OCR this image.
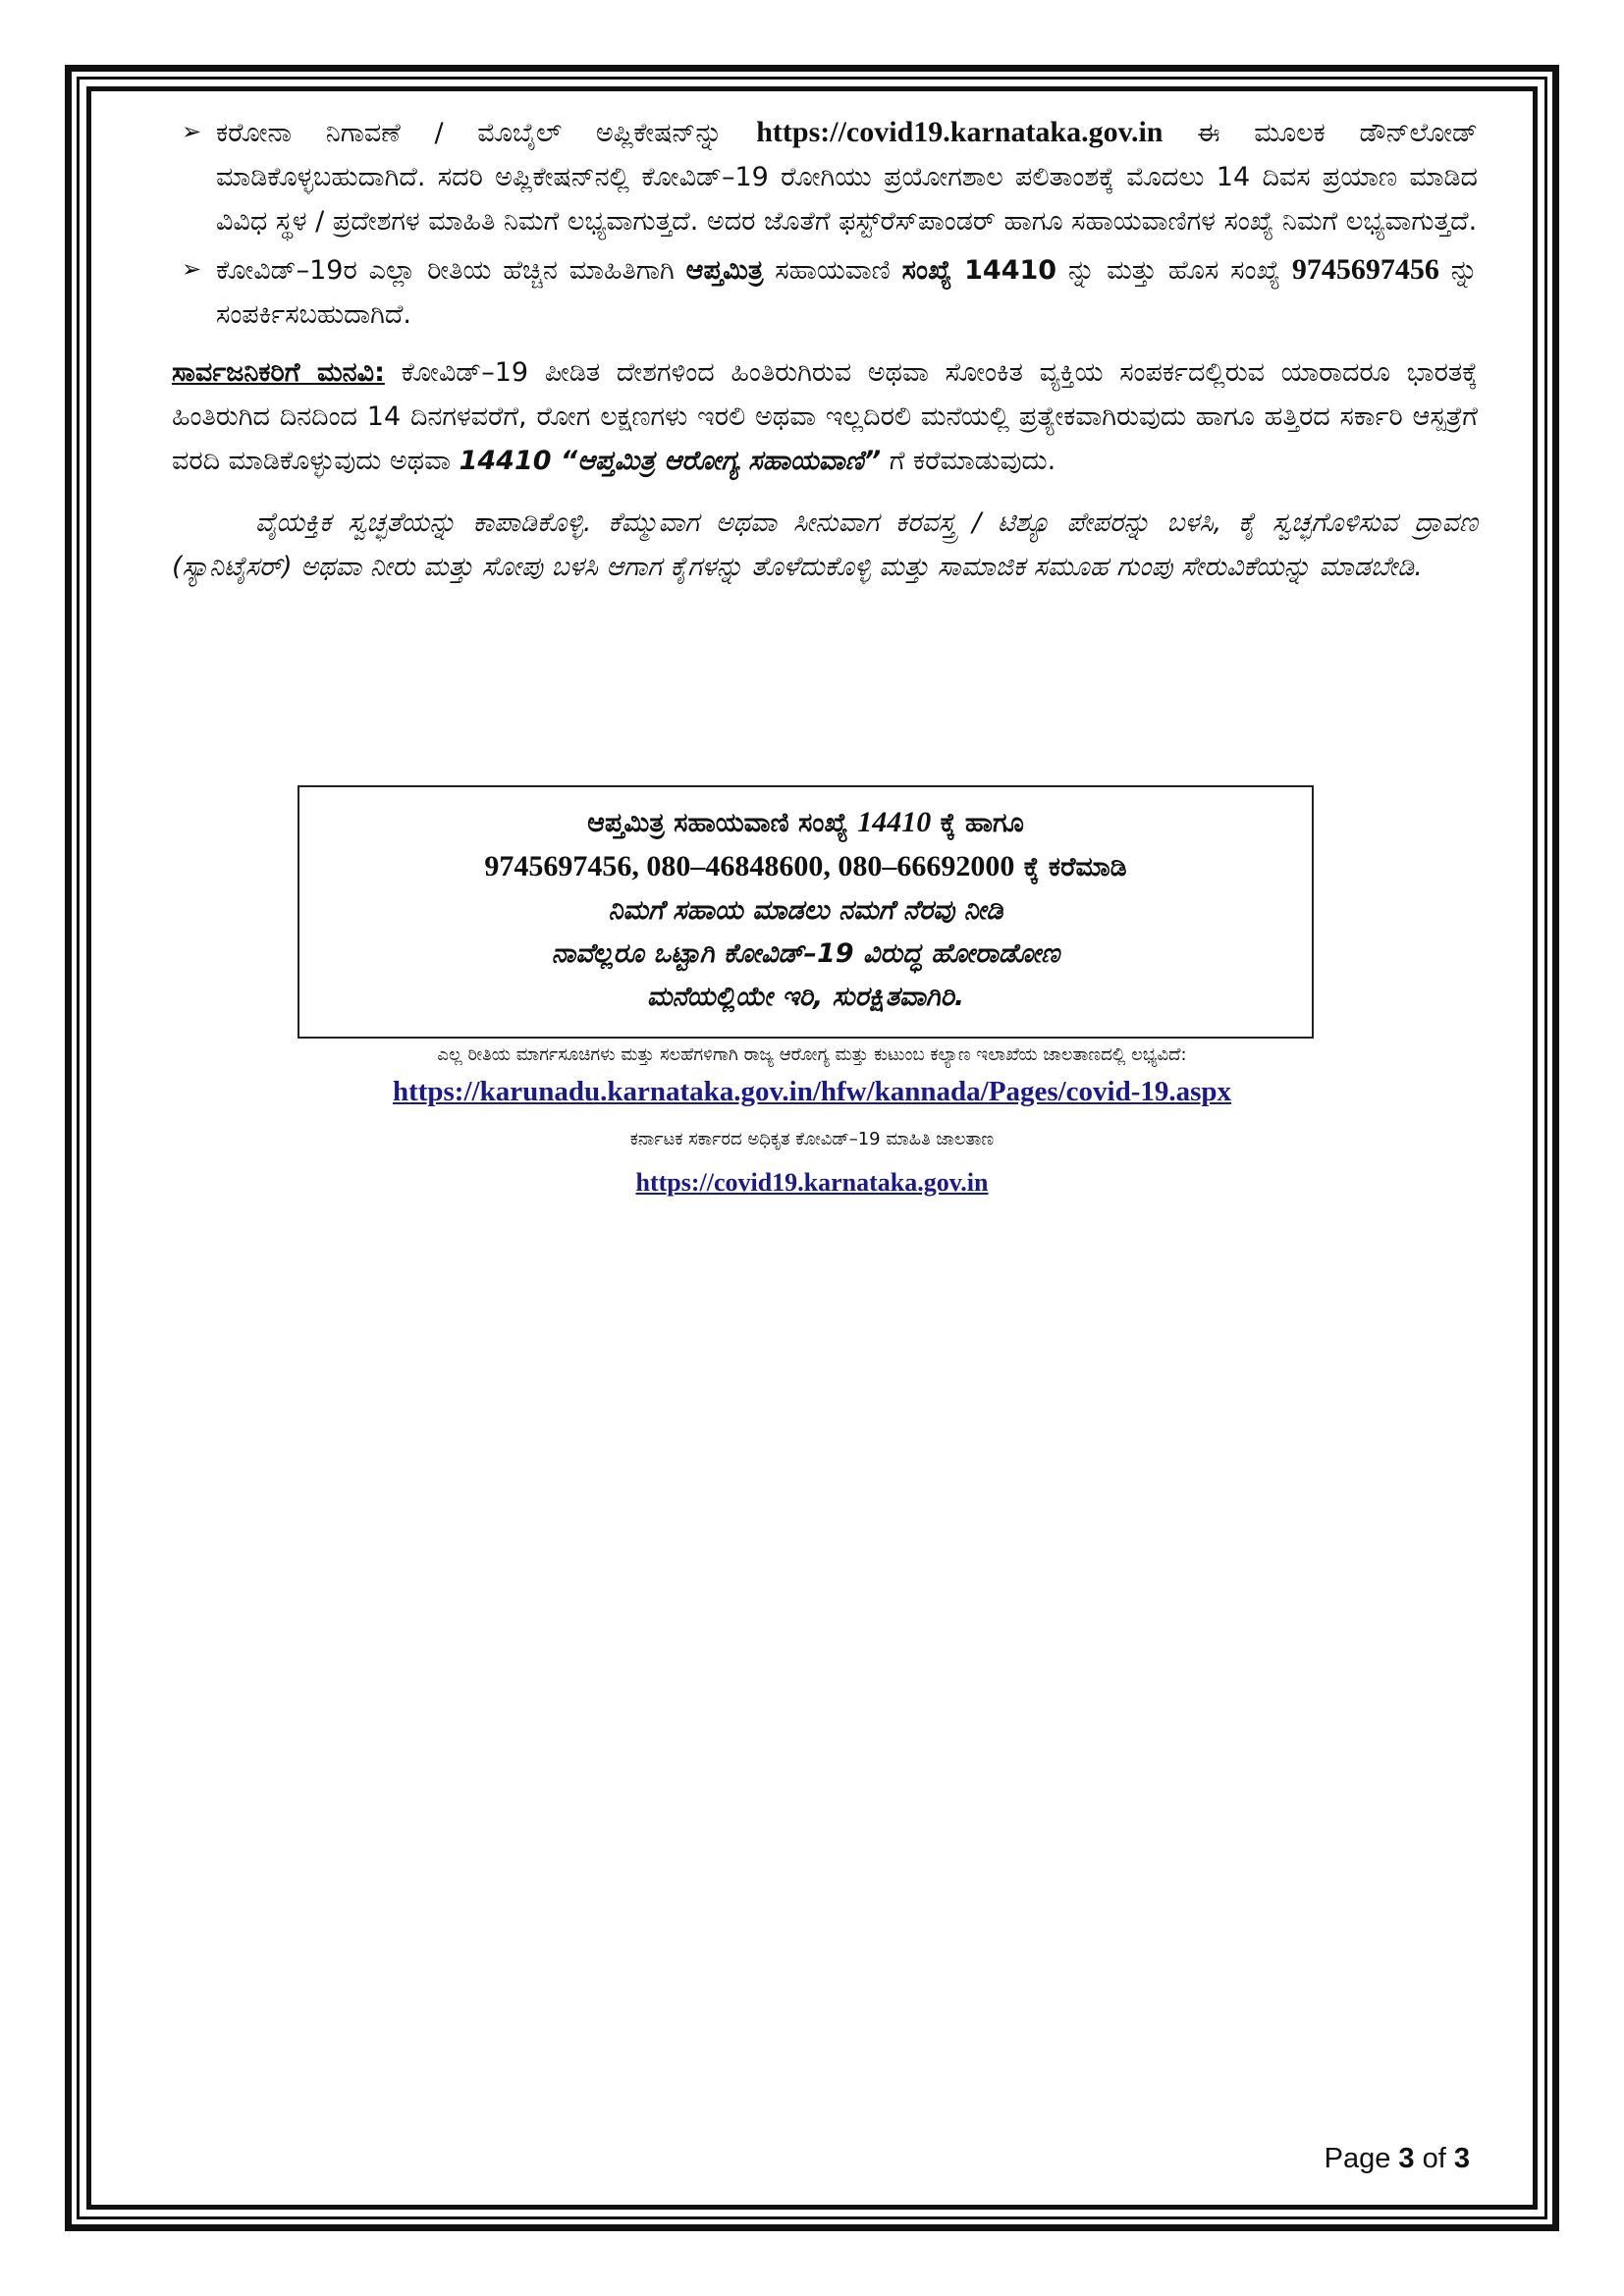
➢ ಕರೋನಾ ನಿಗಾವಣೆ / ಮೊಬೈಲ್ ಅಪ್ಲಿಕೇಷನ್‌ನ್ನು https://covid19.karnataka.gov.in ಈ ಮೂಲಕ ಡೌನ್‌ಲೋಡ್ ಮಾಡಿಕೊಳ್ಳಬಹುದಾಗಿದೆ. ಸದರಿ ಅಪ್ಲಿಕೇಷನ್‌ನಲ್ಲಿ ಕೋವಿಡ್–19 ರೋಗಿಯು ಪ್ರಯೋಗಶಾಲ ಪಲಿತಾಂಶಕ್ಕೆ ಮೊದಲು 14 ದಿವಸ ಪ್ರಯಾಣ ಮಾಡಿದ ವಿವಿಧ ಸ್ಥಳ / ಪ್ರದೇಶಗಳ ಮಾಹಿತಿ ನಿಮಗೆ ಲಭ್ಯವಾಗುತ್ತದೆ. ಅದರ ಜೊತೆಗೆ ಫಸ್ಟ್‌ರೆಸ್‌ಪಾಂಡರ್ ಹಾಗೂ ಸಹಾಯವಾಣಿಗಳ ಸಂಖ್ಯೆ ನಿಮಗೆ ಲಭ್ಯವಾಗುತ್ತದೆ.

➢ ಕೋವಿಡ್–19ರ ಎಲ್ಲಾ ರೀತಿಯ ಹೆಚ್ಚಿನ ಮಾಹಿತಿಗಾಗಿ ಆಪ್ತಮಿತ್ರ ಸಹಾಯವಾಣಿ ಸಂಖ್ಯೆ 14410 ನ್ನು ಮತ್ತು ಹೊಸ ಸಂಖ್ಯೆ 9745697456 ನ್ನು ಸಂಪರ್ಕಿಸಬಹುದಾಗಿದೆ.

ಸಾರ್ವಜನಿಕರಿಗೆ ಮನವಿ: ಕೋವಿಡ್–19 ಪೀಡಿತ ದೇಶಗಳಿಂದ ಹಿಂತಿರುಗಿರುವ ಅಥವಾ ಸೋಂಕಿತ ವ್ಯಕ್ತಿಯ ಸಂಪರ್ಕದಲ್ಲಿರುವ ಯಾರಾದರೂ ಭಾರತಕ್ಕೆ ಹಿಂತಿರುಗಿದ ದಿನದಿಂದ 14 ದಿನಗಳವರೆಗೆ, ರೋಗ ಲಕ್ಷಣಗಳು ಇರಲಿ ಅಥವಾ ಇಲ್ಲದಿರಲಿ ಮನೆಯಲ್ಲಿ ಪ್ರತ್ಯೇಕವಾಗಿರುವುದು ಹಾಗೂ ಹತ್ತಿರದ ಸರ್ಕಾರಿ ಆಸ್ಪತ್ರೆಗೆ ವರದಿ ಮಾಡಿಕೊಳ್ಳುವುದು ಅಥವಾ 14410 “ಆಪ್ತಮಿತ್ರ ಆರೋಗ್ಯ ಸಹಾಯವಾಣಿ” ಗೆ ಕರೆಮಾಡುವುದು.

ವೈಯಕ್ತಿಕ ಸ್ವಚ್ಛತೆಯನ್ನು ಕಾಪಾಡಿಕೊಳ್ಳಿ. ಕೆಮ್ಮುವಾಗ ಅಥವಾ ಸೀನುವಾಗ ಕರವಸ್ತ್ರ / ಟಿಶ್ಯೂ ಪೇಪರನ್ನು ಬಳಸಿ, ಕೈ ಸ್ವಚ್ಛಗೊಳಿಸುವ ದ್ರಾವಣ (ಸ್ಯಾನಿಟೈಸರ್) ಅಥವಾ ನೀರು ಮತ್ತು ಸೋಪು ಬಳಸಿ ಆಗಾಗ ಕೈಗಳನ್ನು ತೊಳೆದುಕೊಳ್ಳಿ ಮತ್ತು ಸಾಮಾಜಿಕ ಸಮೂಹ ಗುಂಪು ಸೇರುವಿಕೆಯನ್ನು ಮಾಡಬೇಡಿ.

ಆಪ್ತಮಿತ್ರ ಸಹಾಯವಾಣಿ ಸಂಖ್ಯೆ 14410 ಕ್ಕೆ ಹಾಗೂ
9745697456, 080–46848600, 080–66692000 ಕ್ಕೆ ಕರೆಮಾಡಿ
ನಿಮಗೆ ಸಹಾಯ ಮಾಡಲು ನಮಗೆ ನೆರವು ನೀಡಿ
ನಾವೆಲ್ಲರೂ ಒಟ್ಟಾಗಿ ಕೋವಿಡ್–19 ವಿರುದ್ಧ ಹೋರಾಡೋಣ
ಮನೆಯಲ್ಲಿಯೇ ಇರಿ, ಸುರಕ್ಷಿತವಾಗಿರಿ.
ಎಲ್ಲ ರೀತಿಯ ಮಾರ್ಗಸೂಚಿಗಳು ಮತ್ತು ಸಲಹೆಗಳಿಗಾಗಿ ರಾಜ್ಯ ಆರೋಗ್ಯ ಮತ್ತು ಕುಟುಂಬ ಕಲ್ಯಾಣ ಇಲಾಖೆಯ ಜಾಲತಾಣದಲ್ಲಿ ಲಭ್ಯವಿದೆ:
https://karunadu.karnataka.gov.in/hfw/kannada/Pages/covid-19.aspx
ಕರ್ನಾಟಕ ಸರ್ಕಾರದ ಅಧಿಕೃತ ಕೋವಿಡ್–19 ಮಾಹಿತಿ ಜಾಲತಾಣ
https://covid19.karnataka.gov.in
Page 3 of 3
